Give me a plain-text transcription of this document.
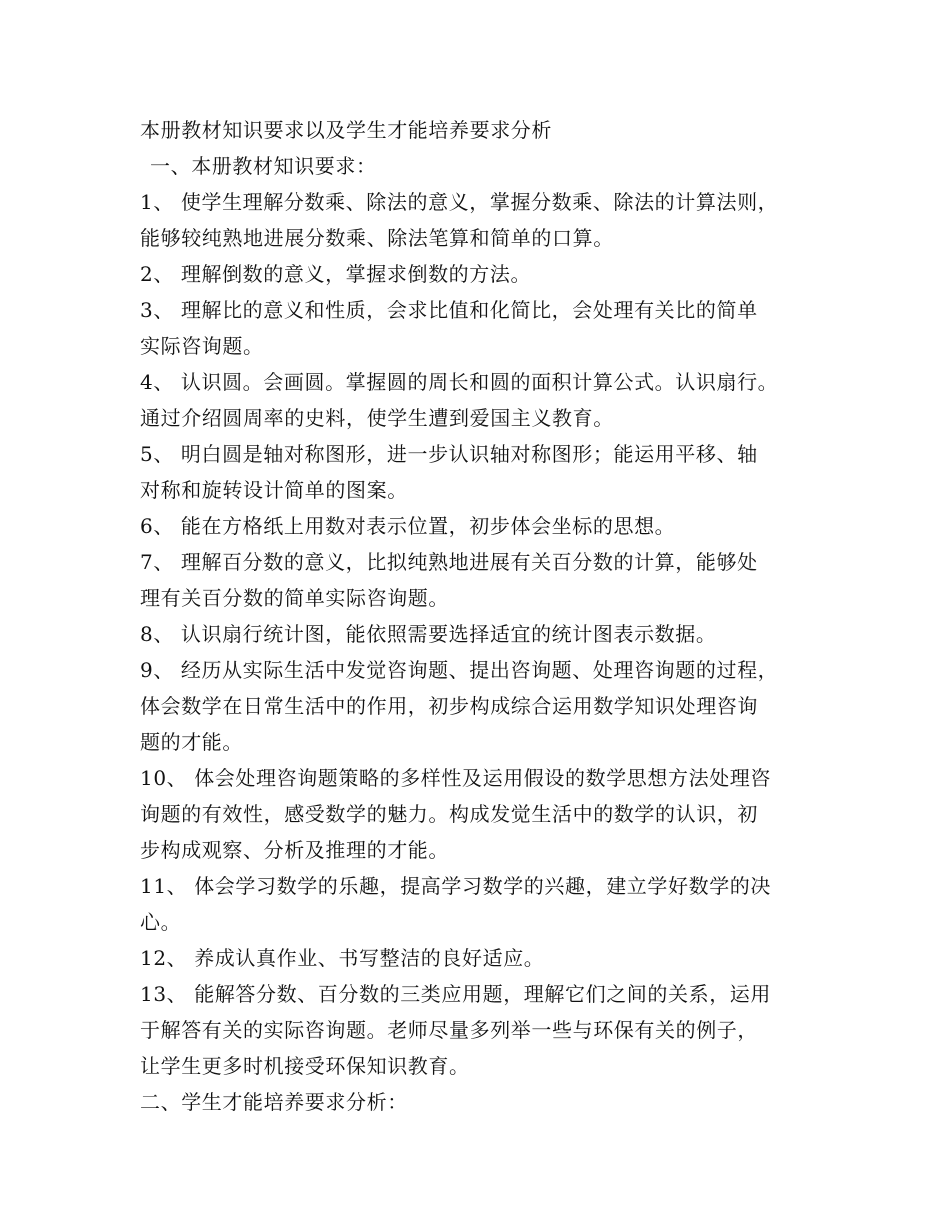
本册教材知识要求以及学生才能培养要求分析
一、本册教材知识要求：
1、 使学生理解分数乘、除法的意义，掌握分数乘、除法的计算法则，
能够较纯熟地进展分数乘、除法笔算和简单的口算。
2、 理解倒数的意义，掌握求倒数的方法。
3、 理解比的意义和性质，会求比值和化简比，会处理有关比的简单
实际咨询题。
4、 认识圆。会画圆。掌握圆的周长和圆的面积计算公式。认识扇行。
通过介绍圆周率的史料，使学生遭到爱国主义教育。
5、 明白圆是轴对称图形，进一步认识轴对称图形；能运用平移、轴
对称和旋转设计简单的图案。
6、 能在方格纸上用数对表示位置，初步体会坐标的思想。
7、 理解百分数的意义，比拟纯熟地进展有关百分数的计算，能够处
理有关百分数的简单实际咨询题。
8、 认识扇行统计图，能依照需要选择适宜的统计图表示数据。
9、 经历从实际生活中发觉咨询题、提出咨询题、处理咨询题的过程，
体会数学在日常生活中的作用，初步构成综合运用数学知识处理咨询
题的才能。
10、 体会处理咨询题策略的多样性及运用假设的数学思想方法处理咨
询题的有效性，感受数学的魅力。构成发觉生活中的数学的认识，初
步构成观察、分析及推理的才能。
11、 体会学习数学的乐趣，提高学习数学的兴趣，建立学好数学的决
心。
12、 养成认真作业、书写整洁的良好适应。
13、 能解答分数、百分数的三类应用题，理解它们之间的关系，运用
于解答有关的实际咨询题。老师尽量多列举一些与环保有关的例子，
让学生更多时机接受环保知识教育。
二、学生才能培养要求分析：
